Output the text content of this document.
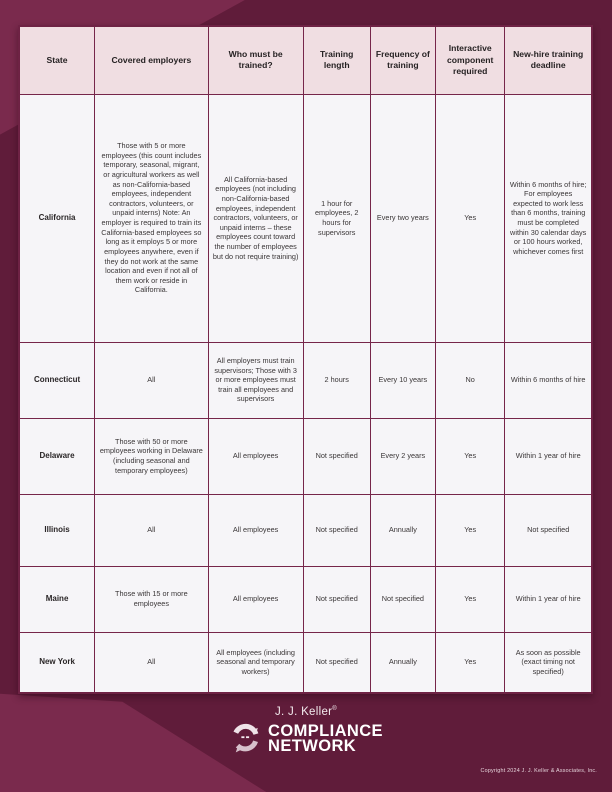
State	Covered employers	Who must be trained?	Training length	Frequency of training	Interactive component required	New-hire training deadline
California	Those with 5 or more employees (this count includes temporary, seasonal, migrant, or agricultural workers as well as non-California-based employees, independent contractors, volunteers, or unpaid interns) Note: An employer is required to train its California-based employees so long as it employs 5 or more employees anywhere, even if they do not work at the same location and even if not all of them work or reside in California.	All California-based employees (not including non-California-based employees, independent contractors, volunteers, or unpaid interns – these employees count toward the number of employees but do not require training)	1 hour for employees, 2 hours for supervisors	Every two years	Yes	Within 6 months of hire; For employees expected to work less than 6 months, training must be completed within 30 calendar days or 100 hours worked, whichever comes first
Connecticut	All	All employers must train supervisors; Those with 3 or more employees must train all employees and supervisors	2 hours	Every 10 years	No	Within 6 months of hire
Delaware	Those with 50 or more employees working in Delaware (including seasonal and temporary employees)	All employees	Not specified	Every 2 years	Yes	Within 1 year of hire
Illinois	All	All employees	Not specified	Annually	Yes	Not specified
Maine	Those with 15 or more employees	All employees	Not specified	Not specified	Yes	Within 1 year of hire
New York	All	All employees (including seasonal and temporary workers)	Not specified	Annually	Yes	As soon as possible (exact timing not specified)
J. J. Keller®
COMPLIANCE
NETWORK
Copyright 2024 J. J. Keller & Associates, Inc.
